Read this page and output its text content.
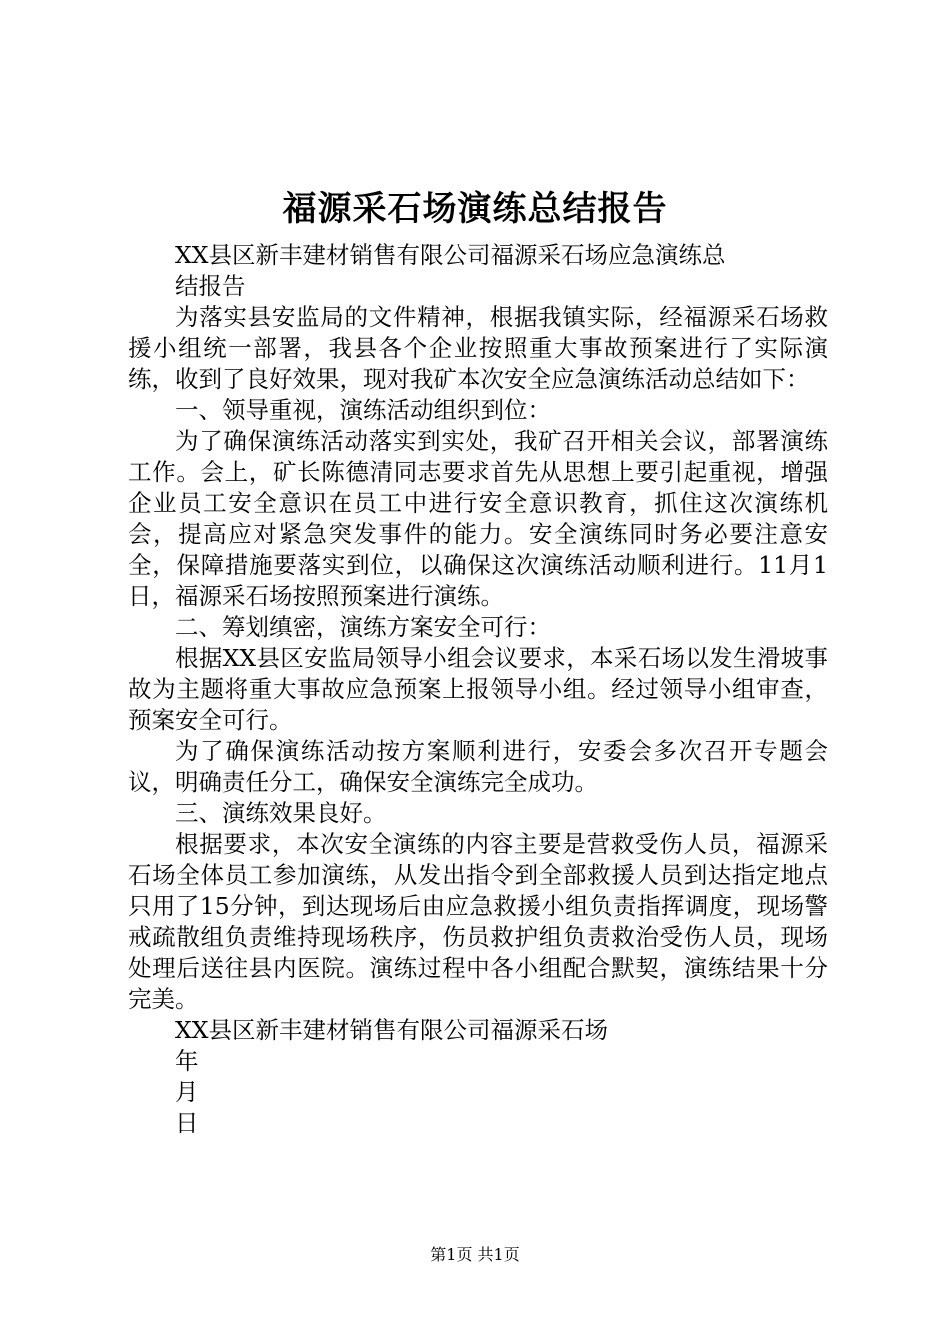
福源采石场演练总结报告

XX县区新丰建材销售有限公司福源采石场应急演练总

结报告

为落实县安监局的文件精神，根据我镇实际，经福源采石场救援小组统一部署，我县各个企业按照重大事故预案进行了实际演练，收到了良好效果，现对我矿本次安全应急演练活动总结如下：

一、领导重视，演练活动组织到位：

为了确保演练活动落实到实处，我矿召开相关会议，部署演练工作。会上，矿长陈德清同志要求首先从思想上要引起重视，增强企业员工安全意识在员工中进行安全意识教育，抓住这次演练机会，提高应对紧急突发事件的能力。安全演练同时务必要注意安全，保障措施要落实到位，以确保这次演练活动顺利进行。11月1日，福源采石场按照预案进行演练。

二、筹划缜密，演练方案安全可行：

根据XX县区安监局领导小组会议要求，本采石场以发生滑坡事故为主题将重大事故应急预案上报领导小组。经过领导小组审查，预案安全可行。

为了确保演练活动按方案顺利进行，安委会多次召开专题会议，明确责任分工，确保安全演练完全成功。

三、演练效果良好。

根据要求，本次安全演练的内容主要是营救受伤人员，福源采石场全体员工参加演练，从发出指令到全部救援人员到达指定地点只用了15分钟，到达现场后由应急救援小组负责指挥调度，现场警戒疏散组负责维持现场秩序，伤员救护组负责救治受伤人员，现场处理后送往县内医院。演练过程中各小组配合默契，演练结果十分完美。

XX县区新丰建材销售有限公司福源采石场

年

月

日

第1页 共1页
